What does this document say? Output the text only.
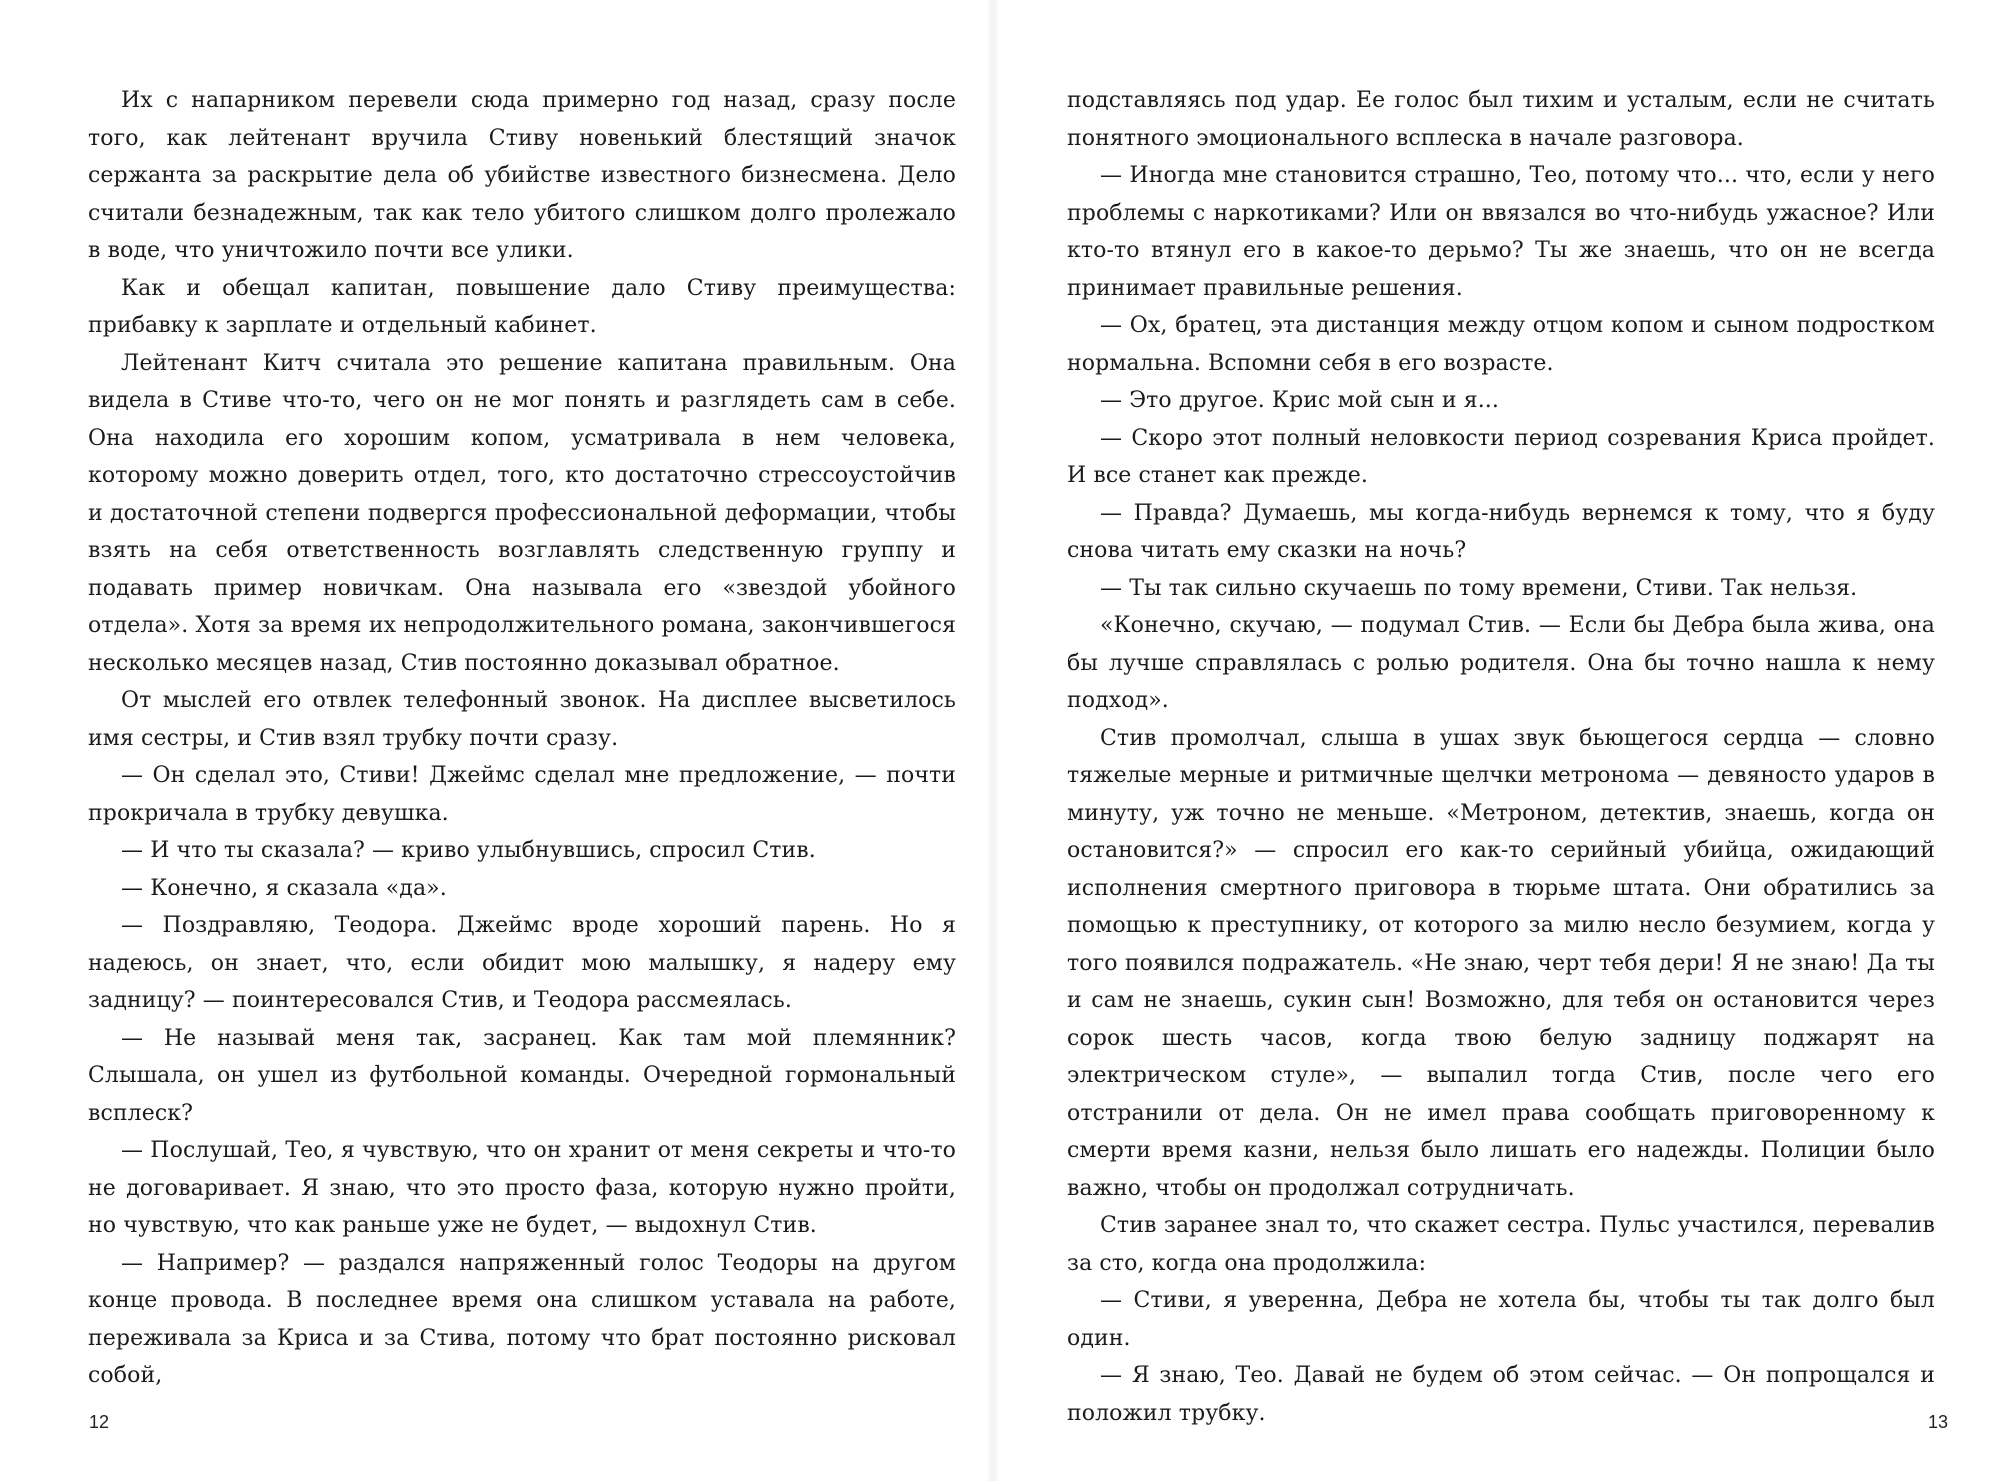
Их с напарником перевели сюда примерно год назад, сразу после того, как лейтенант вручила Стиву новенький блестящий значок сержанта за раскрытие дела об убийстве известного бизнесмена. Дело считали безнадежным, так как тело убитого слишком долго пролежало в воде, что уничтожило почти все улики.

Как и обещал капитан, повышение дало Стиву преимущества: прибавку к зарплате и отдельный кабинет.

Лейтенант Китч считала это решение капитана правильным. Она видела в Стиве что-то, чего он не мог понять и разглядеть сам в себе. Она находила его хорошим копом, усматривала в нем человека, которому можно доверить отдел, того, кто достаточно стрессоустойчив и достаточной степени подвергся профессиональной деформации, чтобы взять на себя ответственность возглавлять следственную группу и подавать пример новичкам. Она называла его «звездой убойного отдела». Хотя за время их непродолжительного романа, закончившегося несколько месяцев назад, Стив постоянно доказывал обратное.

От мыслей его отвлек телефонный звонок. На дисплее высветилось имя сестры, и Стив взял трубку почти сразу.

— Он сделал это, Стиви! Джеймс сделал мне предложение, — почти прокричала в трубку девушка.

— И что ты сказала? — криво улыбнувшись, спросил Стив.

— Конечно, я сказала «да».

— Поздравляю, Теодора. Джеймс вроде хороший парень. Но я надеюсь, он знает, что, если обидит мою малышку, я надеру ему задницу? — поинтересовался Стив, и Теодора рассмеялась.

— Не называй меня так, засранец. Как там мой племянник? Слышала, он ушел из футбольной команды. Очередной гормональный всплеск?

— Послушай, Тео, я чувствую, что он хранит от меня секреты и что-то не договаривает. Я знаю, что это просто фаза, которую нужно пройти, но чувствую, что как раньше уже не будет, — выдохнул Стив.

— Например? — раздался напряженный голос Теодоры на другом конце провода. В последнее время она слишком уставала на работе, переживала за Криса и за Стива, потому что брат постоянно рисковал собой,

12

подставляясь под удар. Ее голос был тихим и усталым, если не считать понятного эмоционального всплеска в начале разговора.

— Иногда мне становится страшно, Тео, потому что... что, если у него проблемы с наркотиками? Или он ввязался во что-нибудь ужасное? Или кто-то втянул его в какое-то дерьмо? Ты же знаешь, что он не всегда принимает правильные решения.

— Ох, братец, эта дистанция между отцом копом и сыном подростком нормальна. Вспомни себя в его возрасте.

— Это другое. Крис мой сын и я...

— Скоро этот полный неловкости период созревания Криса пройдет. И все станет как прежде.

— Правда? Думаешь, мы когда-нибудь вернемся к тому, что я буду снова читать ему сказки на ночь?

— Ты так сильно скучаешь по тому времени, Стиви. Так нельзя.

«Конечно, скучаю, — подумал Стив. — Если бы Дебра была жива, она бы лучше справлялась с ролью родителя. Она бы точно нашла к нему подход».

Стив промолчал, слыша в ушах звук бьющегося сердца — словно тяжелые мерные и ритмичные щелчки метронома — девяносто ударов в минуту, уж точно не меньше. «Метроном, детектив, знаешь, когда он остановится?» — спросил его как-то серийный убийца, ожидающий исполнения смертного приговора в тюрьме штата. Они обратились за помощью к преступнику, от которого за милю несло безумием, когда у того появился подражатель. «Не знаю, черт тебя дери! Я не знаю! Да ты и сам не знаешь, сукин сын! Возможно, для тебя он остановится через сорок шесть часов, когда твою белую задницу поджарят на электрическом стуле», — выпалил тогда Стив, после чего его отстранили от дела. Он не имел права сообщать приговоренному к смерти время казни, нельзя было лишать его надежды. Полиции было важно, чтобы он продолжал сотрудничать.

Стив заранее знал то, что скажет сестра. Пульс участился, перевалив за сто, когда она продолжила:

— Стиви, я уверенна, Дебра не хотела бы, чтобы ты так долго был один.

— Я знаю, Тео. Давай не будем об этом сейчас. — Он попрощался и положил трубку.	13
